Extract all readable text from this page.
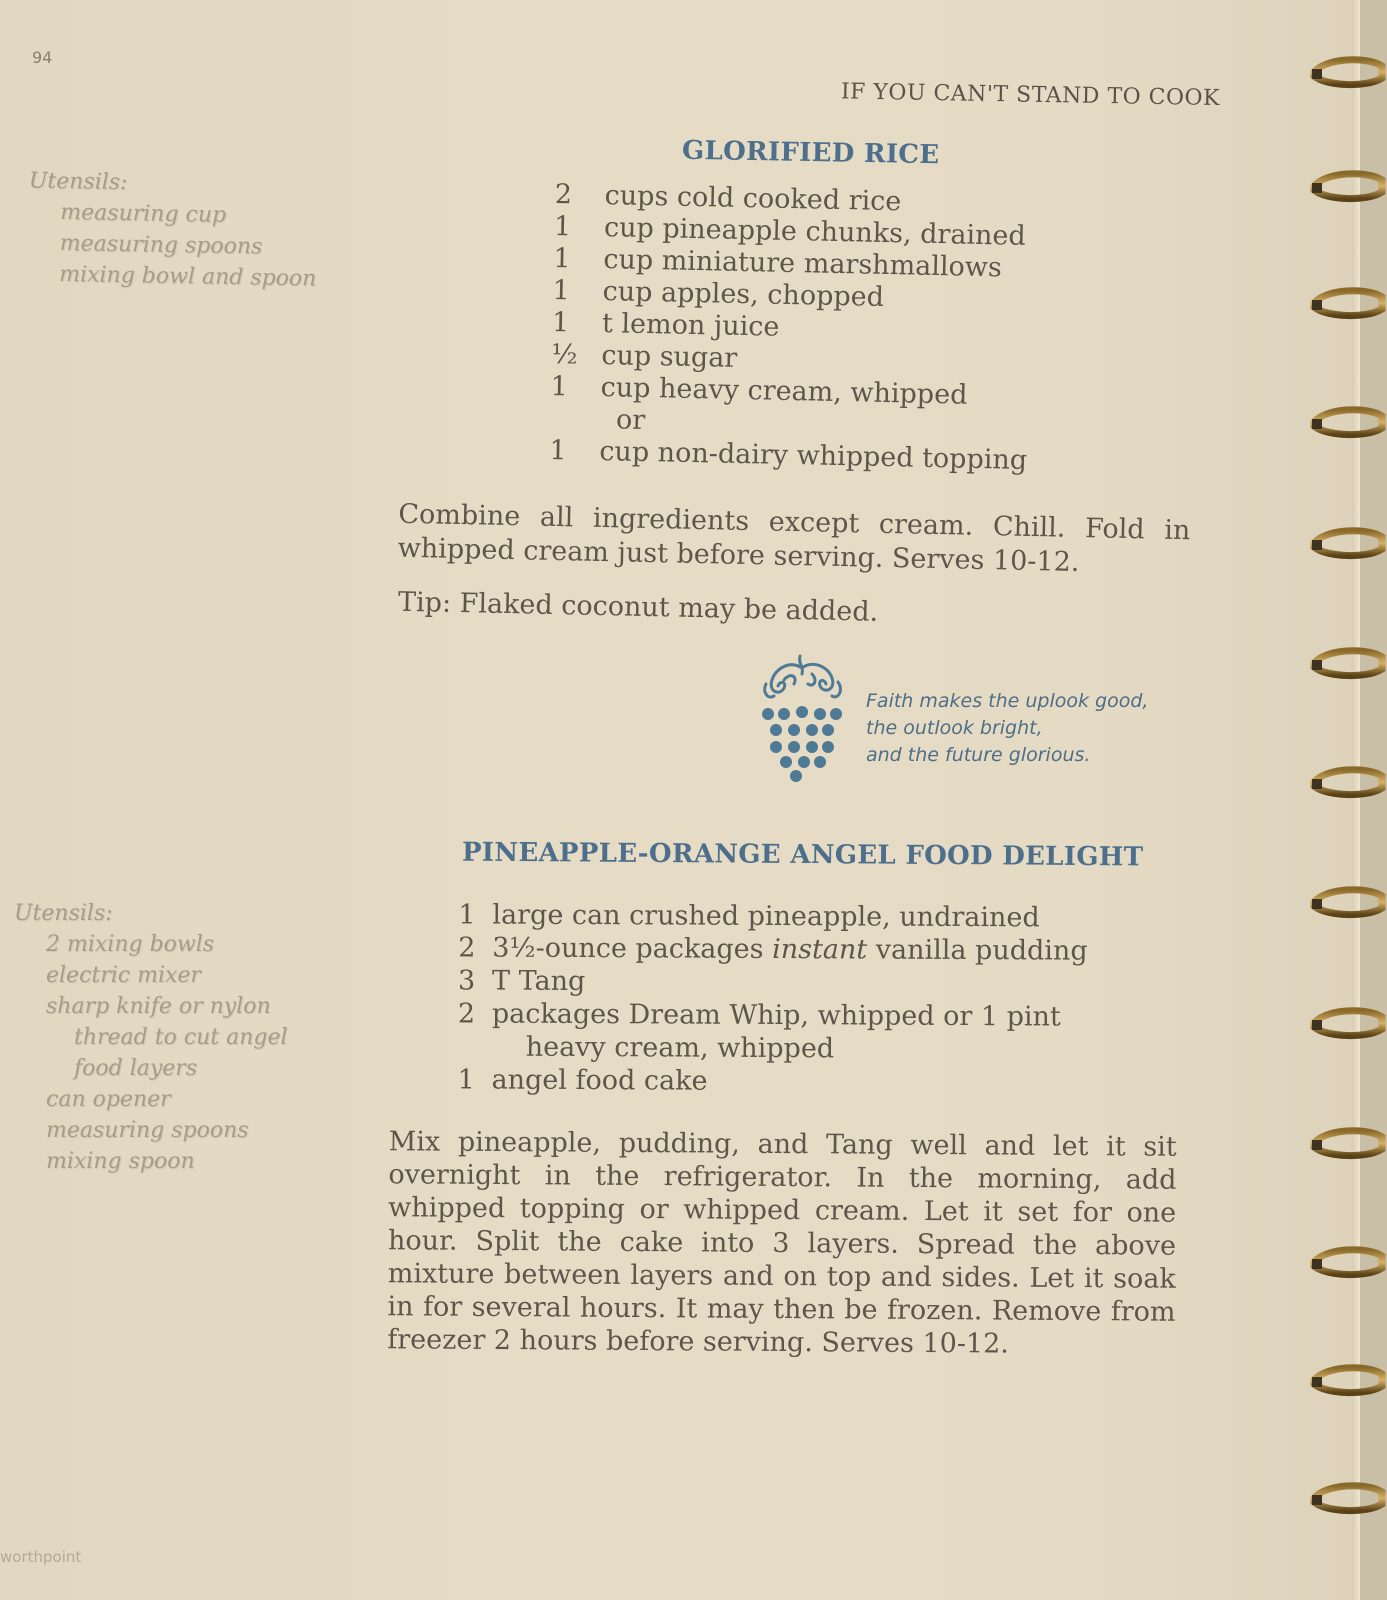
94
IF YOU CAN'T STAND TO COOK
GLORIFIED RICE
Utensils:
measuring cup
measuring spoons
mixing bowl and spoon
2	cups cold cooked rice
1	cup pineapple chunks, drained
1	cup miniature marshmallows
1	cup apples, chopped
1	t lemon juice
½ cup sugar
1	cup heavy cream, whipped
or
1	cup non-dairy whipped topping

Combine all ingredients except cream. Chill. Fold in whipped cream just before serving. Serves 10-12.

Tip: Flaked coconut may be added.

Faith makes the uplook good,
the outlook bright,
and the future glorious.
PINEAPPLE-ORANGE ANGEL FOOD DELIGHT
Utensils:
2 mixing bowls
electric mixer
sharp knife or nylon
thread to cut angel
food layers
can opener
measuring spoons
mixing spoon
1 large can crushed pineapple, undrained
2 3½-ounce packages instant vanilla pudding
3 T Tang
2 packages Dream Whip, whipped or 1 pint
heavy cream, whipped
1 angel food cake

Mix pineapple, pudding, and Tang well and let it sit overnight in the refrigerator. In the morning, add whipped topping or whipped cream. Let it set for one hour. Split the cake into 3 layers. Spread the above mixture between layers and on top and sides. Let it soak in for several hours. It may then be frozen. Remove from freezer 2 hours before serving. Serves 10-12.

worthpoint
